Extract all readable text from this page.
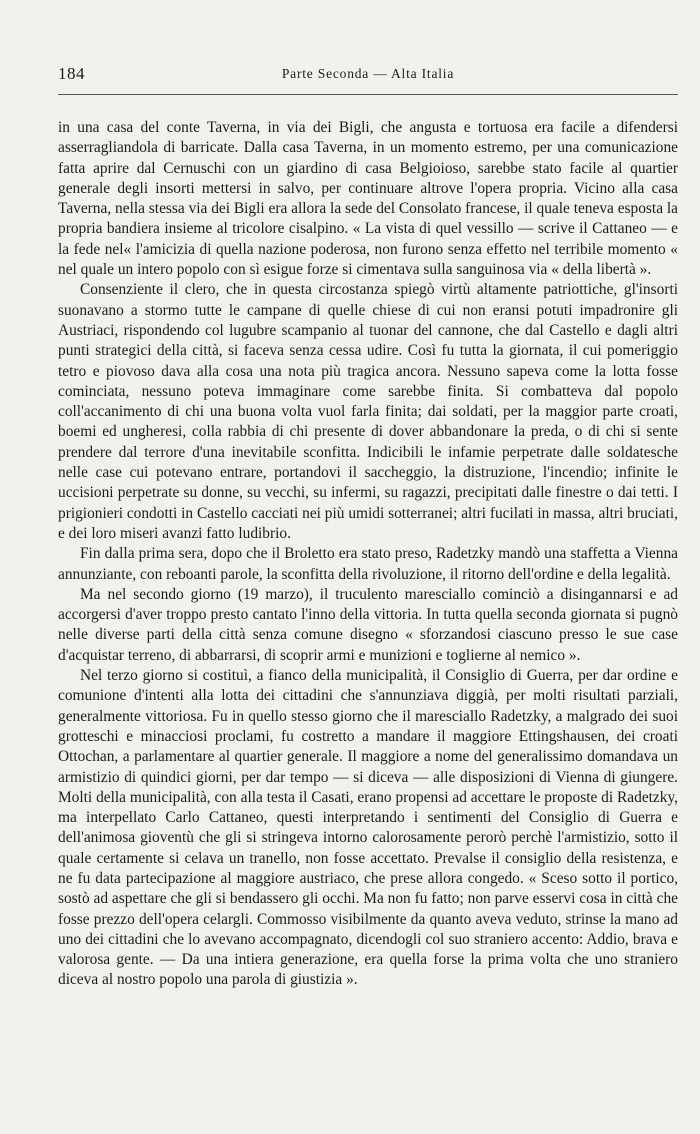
184	Parte Seconda — Alta Italia

in una casa del conte Taverna, in via dei Bigli, che angusta e tortuosa era facile a difendersi asserragliandola di barricate. Dalla casa Taverna, in un momento estremo, per una comunicazione fatta aprire dal Cernuschi con un giardino di casa Belgioioso, sarebbe stato facile al quartier generale degli insorti mettersi in salvo, per continuare altrove l'opera propria. Vicino alla casa Taverna, nella stessa via dei Bigli era allora la sede del Consolato francese, il quale teneva esposta la propria bandiera insieme al tricolore cisalpino. « La vista di quel vessillo — scrive il Cattaneo — e la fede nel« l'amicizia di quella nazione poderosa, non furono senza effetto nel terribile momento « nel quale un intero popolo con sì esigue forze si cimentava sulla sanguinosa via « della libertà ».

Consenziente il clero, che in questa circostanza spiegò virtù altamente patriottiche, gl'insorti suonavano a stormo tutte le campane di quelle chiese di cui non eransi potuti impadronire gli Austriaci, rispondendo col lugubre scampanio al tuonar del cannone, che dal Castello e dagli altri punti strategici della città, si faceva senza cessa udire. Così fu tutta la giornata, il cui pomeriggio tetro e piovoso dava alla cosa una nota più tragica ancora. Nessuno sapeva come la lotta fosse cominciata, nessuno poteva immaginare come sarebbe finita. Si combatteva dal popolo coll'accanimento di chi una buona volta vuol farla finita; dai soldati, per la maggior parte croati, boemi ed ungheresi, colla rabbia di chi presente di dover abbandonare la preda, o di chi si sente prendere dal terrore d'una inevitabile sconfitta. Indicibili le infamie perpetrate dalle soldatesche nelle case cui potevano entrare, portandovi il saccheggio, la distruzione, l'incendio; infinite le uccisioni perpetrate su donne, su vecchi, su infermi, su ragazzi, precipitati dalle finestre o dai tetti. I prigionieri condotti in Castello cacciati nei più umidi sotterranei; altri fucilati in massa, altri bruciati, e dei loro miseri avanzi fatto ludibrio.

Fin dalla prima sera, dopo che il Broletto era stato preso, Radetzky mandò una staffetta a Vienna annunziante, con reboanti parole, la sconfitta della rivoluzione, il ritorno dell'ordine e della legalità.

Ma nel secondo giorno (19 marzo), il truculento maresciallo cominciò a disingannarsi e ad accorgersi d'aver troppo presto cantato l'inno della vittoria. In tutta quella seconda giornata si pugnò nelle diverse parti della città senza comune disegno « sforzandosi ciascuno presso le sue case d'acquistar terreno, di abbarrarsi, di scoprir armi e munizioni e toglierne al nemico ».

Nel terzo giorno si costituì, a fianco della municipalità, il Consiglio di Guerra, per dar ordine e comunione d'intenti alla lotta dei cittadini che s'annunziava diggià, per molti risultati parziali, generalmente vittoriosa. Fu in quello stesso giorno che il maresciallo Radetzky, a malgrado dei suoi grotteschi e minacciosi proclami, fu costretto a mandare il maggiore Ettingshausen, dei croati Ottochan, a parlamentare al quartier generale. Il maggiore a nome del generalissimo domandava un armistizio di quindici giorni, per dar tempo — si diceva — alle disposizioni di Vienna di giungere. Molti della municipalità, con alla testa il Casati, erano propensi ad accettare le proposte di Radetzky, ma interpellato Carlo Cattaneo, questi interpretando i sentimenti del Consiglio di Guerra e dell'animosa gioventù che gli si stringeva intorno calorosamente perorò perchè l'armistizio, sotto il quale certamente si celava un tranello, non fosse accettato. Prevalse il consiglio della resistenza, e ne fu data partecipazione al maggiore austriaco, che prese allora congedo. « Sceso sotto il portico, sostò ad aspettare che gli si bendassero gli occhi. Ma non fu fatto; non parve esservi cosa in città che fosse prezzo dell'opera celargli. Commosso visibilmente da quanto aveva veduto, strinse la mano ad uno dei cittadini che lo avevano accompagnato, dicendogli col suo straniero accento: Addio, brava e valorosa gente. — Da una intiera generazione, era quella forse la prima volta che uno straniero diceva al nostro popolo una parola di giustizia ».
